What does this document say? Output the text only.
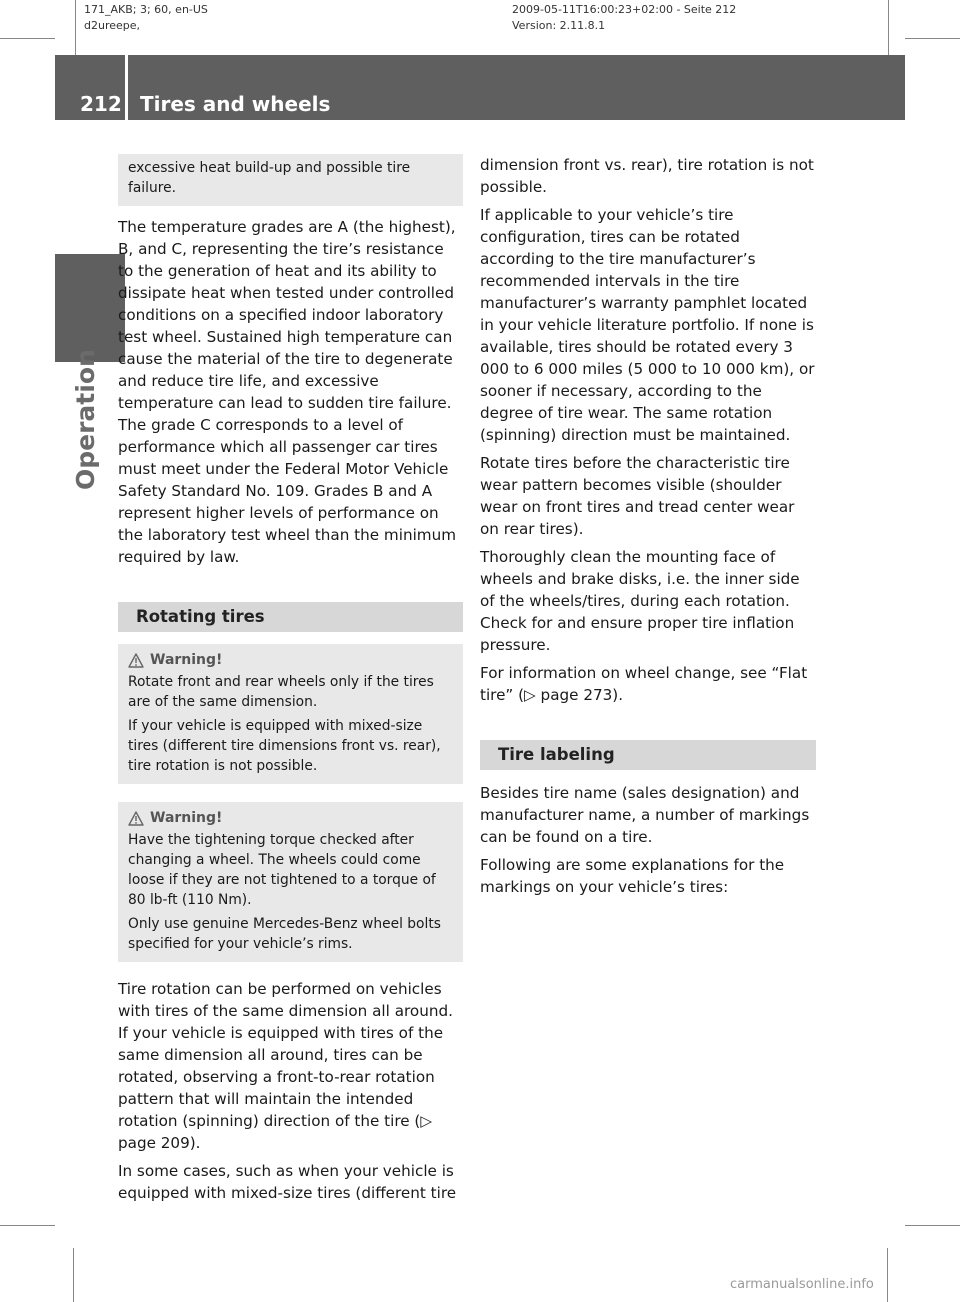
171_AKB; 3; 60, en-US
d2ureepe,
2009-05-11T16:00:23+02:00 - Seite 212
Version: 2.11.8.1
212 Tires and wheels
Operation

excessive heat build-up and possible tire failure.

The temperature grades are A (the highest), B, and C, representing the tire’s resistance to the generation of heat and its ability to dissipate heat when tested under controlled conditions on a specified indoor laboratory test wheel. Sustained high temperature can cause the material of the tire to degenerate and reduce tire life, and excessive temperature can lead to sudden tire failure. The grade C corresponds to a level of performance which all passenger car tires must meet under the Federal Motor Vehicle Safety Standard No. 109. Grades B and A represent higher levels of performance on the laboratory test wheel than the minimum required by law.

Rotating tires
Warning!

Rotate front and rear wheels only if the tires are of the same dimension.

If your vehicle is equipped with mixed-size tires (different tire dimensions front vs. rear), tire rotation is not possible.

Warning!

Have the tightening torque checked after changing a wheel. The wheels could come loose if they are not tightened to a torque of 80 lb-ft (110 Nm).

Only use genuine Mercedes-Benz wheel bolts specified for your vehicle’s rims.

Tire rotation can be performed on vehicles with tires of the same dimension all around. If your vehicle is equipped with tires of the same dimension all around, tires can be rotated, observing a front-to-rear rotation pattern that will maintain the intended rotation (spinning) direction of the tire (▷ page 209).

In some cases, such as when your vehicle is equipped with mixed-size tires (different tire

dimension front vs. rear), tire rotation is not possible.

If applicable to your vehicle’s tire configuration, tires can be rotated according to the tire manufacturer’s recommended intervals in the tire manufacturer’s warranty pamphlet located in your vehicle literature portfolio. If none is available, tires should be rotated every 3 000 to 6 000 miles (5 000 to 10 000 km), or sooner if necessary, according to the degree of tire wear. The same rotation (spinning) direction must be maintained.

Rotate tires before the characteristic tire wear pattern becomes visible (shoulder wear on front tires and tread center wear on rear tires).

Thoroughly clean the mounting face of wheels and brake disks, i.e. the inner side of the wheels/tires, during each rotation. Check for and ensure proper tire inflation pressure.

For information on wheel change, see “Flat tire” (▷ page 273).

Tire labeling

Besides tire name (sales designation) and manufacturer name, a number of markings can be found on a tire.

Following are some explanations for the markings on your vehicle’s tires:

carmanualsonline.info
